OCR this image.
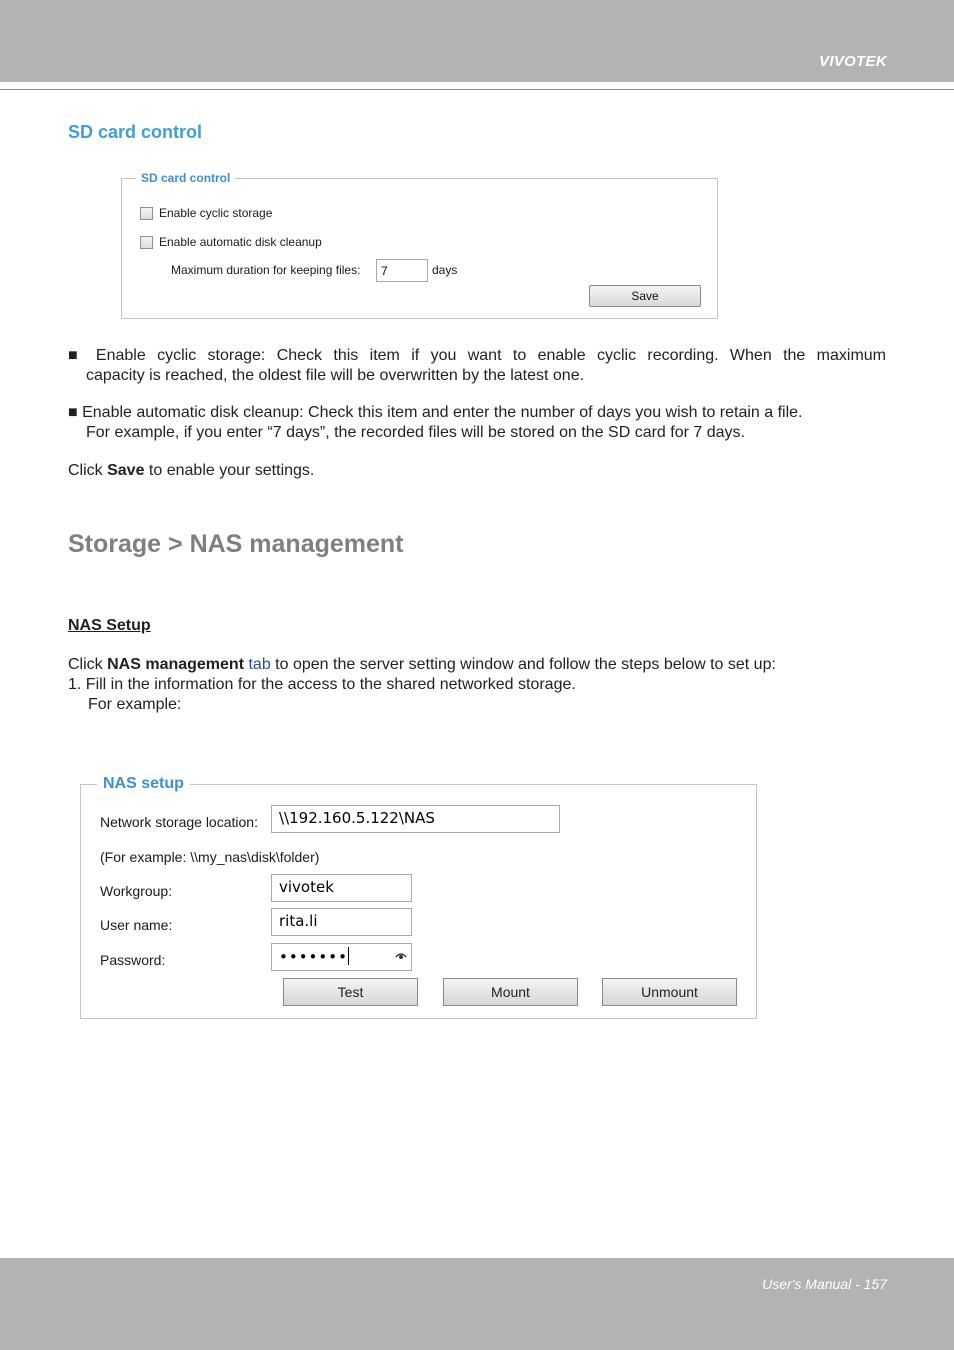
VIVOTEK
SD card control
SD card control
Enable cyclic storage
Enable automatic disk cleanup
Maximum duration for keeping files:	7	days
Save
■ Enable cyclic storage: Check this item if you want to enable cyclic recording. When the maximum
capacity is reached, the oldest file will be overwritten by the latest one.
■ Enable automatic disk cleanup: Check this item and enter the number of days you wish to retain a file.
For example, if you enter “7 days”, the recorded files will be stored on the SD card for 7 days.
Click Save to enable your settings.
Storage > NAS management
NAS Setup
Click NAS management tab to open the server setting window and follow the steps below to set up:
1. Fill in the information for the access to the shared networked storage.
For example:
NAS setup
Network storage location:	\\192.160.5.122\NAS
(For example: \\my_nas\disk\folder)
Workgroup:	vivotek
User name:	rita.li
Password:	•••••••
Test	Mount	Unmount
User's Manual - 157
